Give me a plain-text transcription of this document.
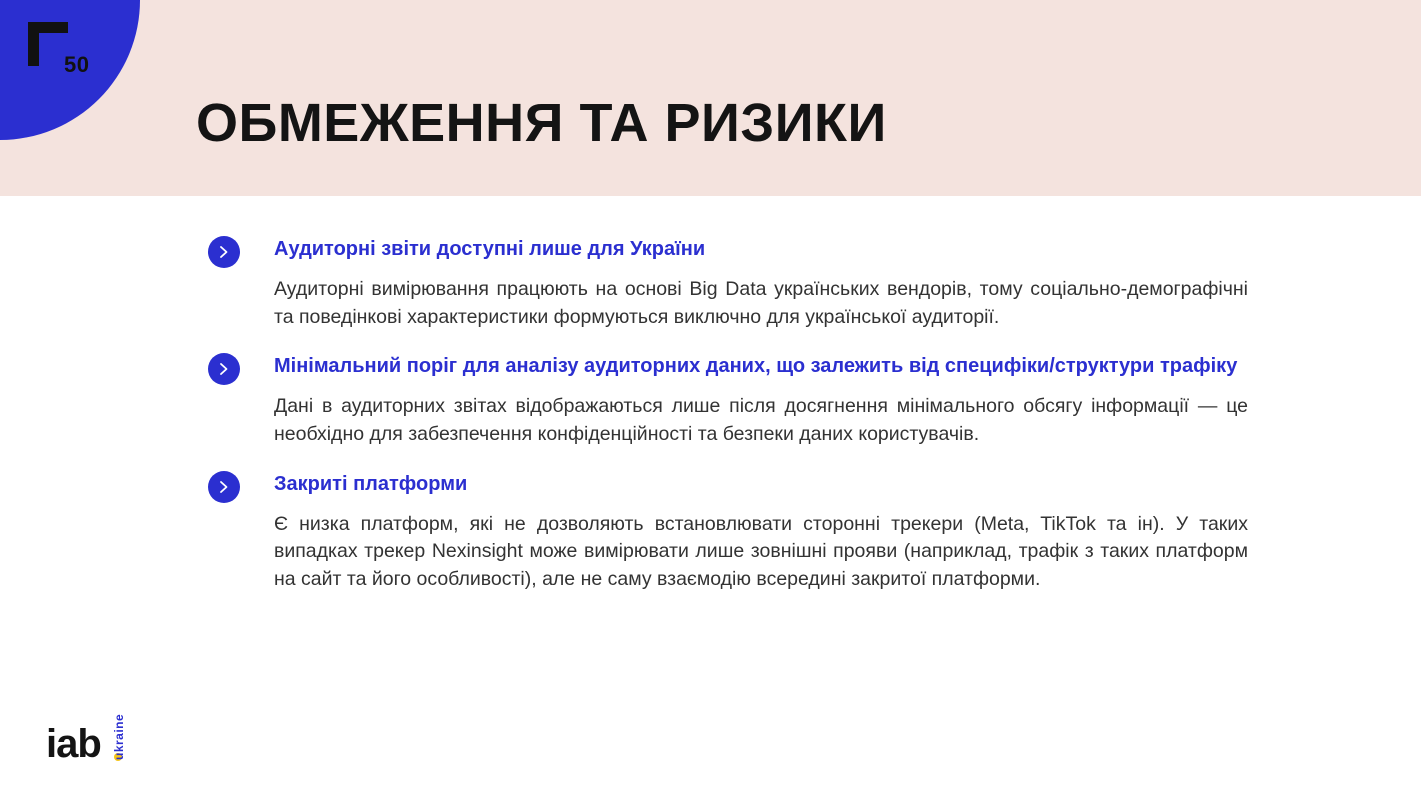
50
ОБМЕЖЕННЯ ТА РИЗИКИ

Аудиторні звіти доступні лише для України

Аудиторні вимірювання працюють на основі Big Data українських вендорів, тому соціально-демографічні та поведінкові характеристики формуються виключно для української аудиторії.

Мінімальний поріг для аналізу аудиторних даних, що залежить від специфіки/структури трафіку

Дані в аудиторних звітах відображаються лише після досягнення мінімального обсягу інформації — це необхідно для забезпечення конфіденційності та безпеки даних користувачів.

Закриті платформи

Є низка платформ, які не дозволяють встановлювати сторонні трекери (Meta, TikTok та ін). У таких випадках трекер Nexinsight може вимірювати лише зовнішні прояви (наприклад, трафік з таких платформ на сайт та його особливості), але не саму взаємодію всередині закритої платформи.

iab ukraine
